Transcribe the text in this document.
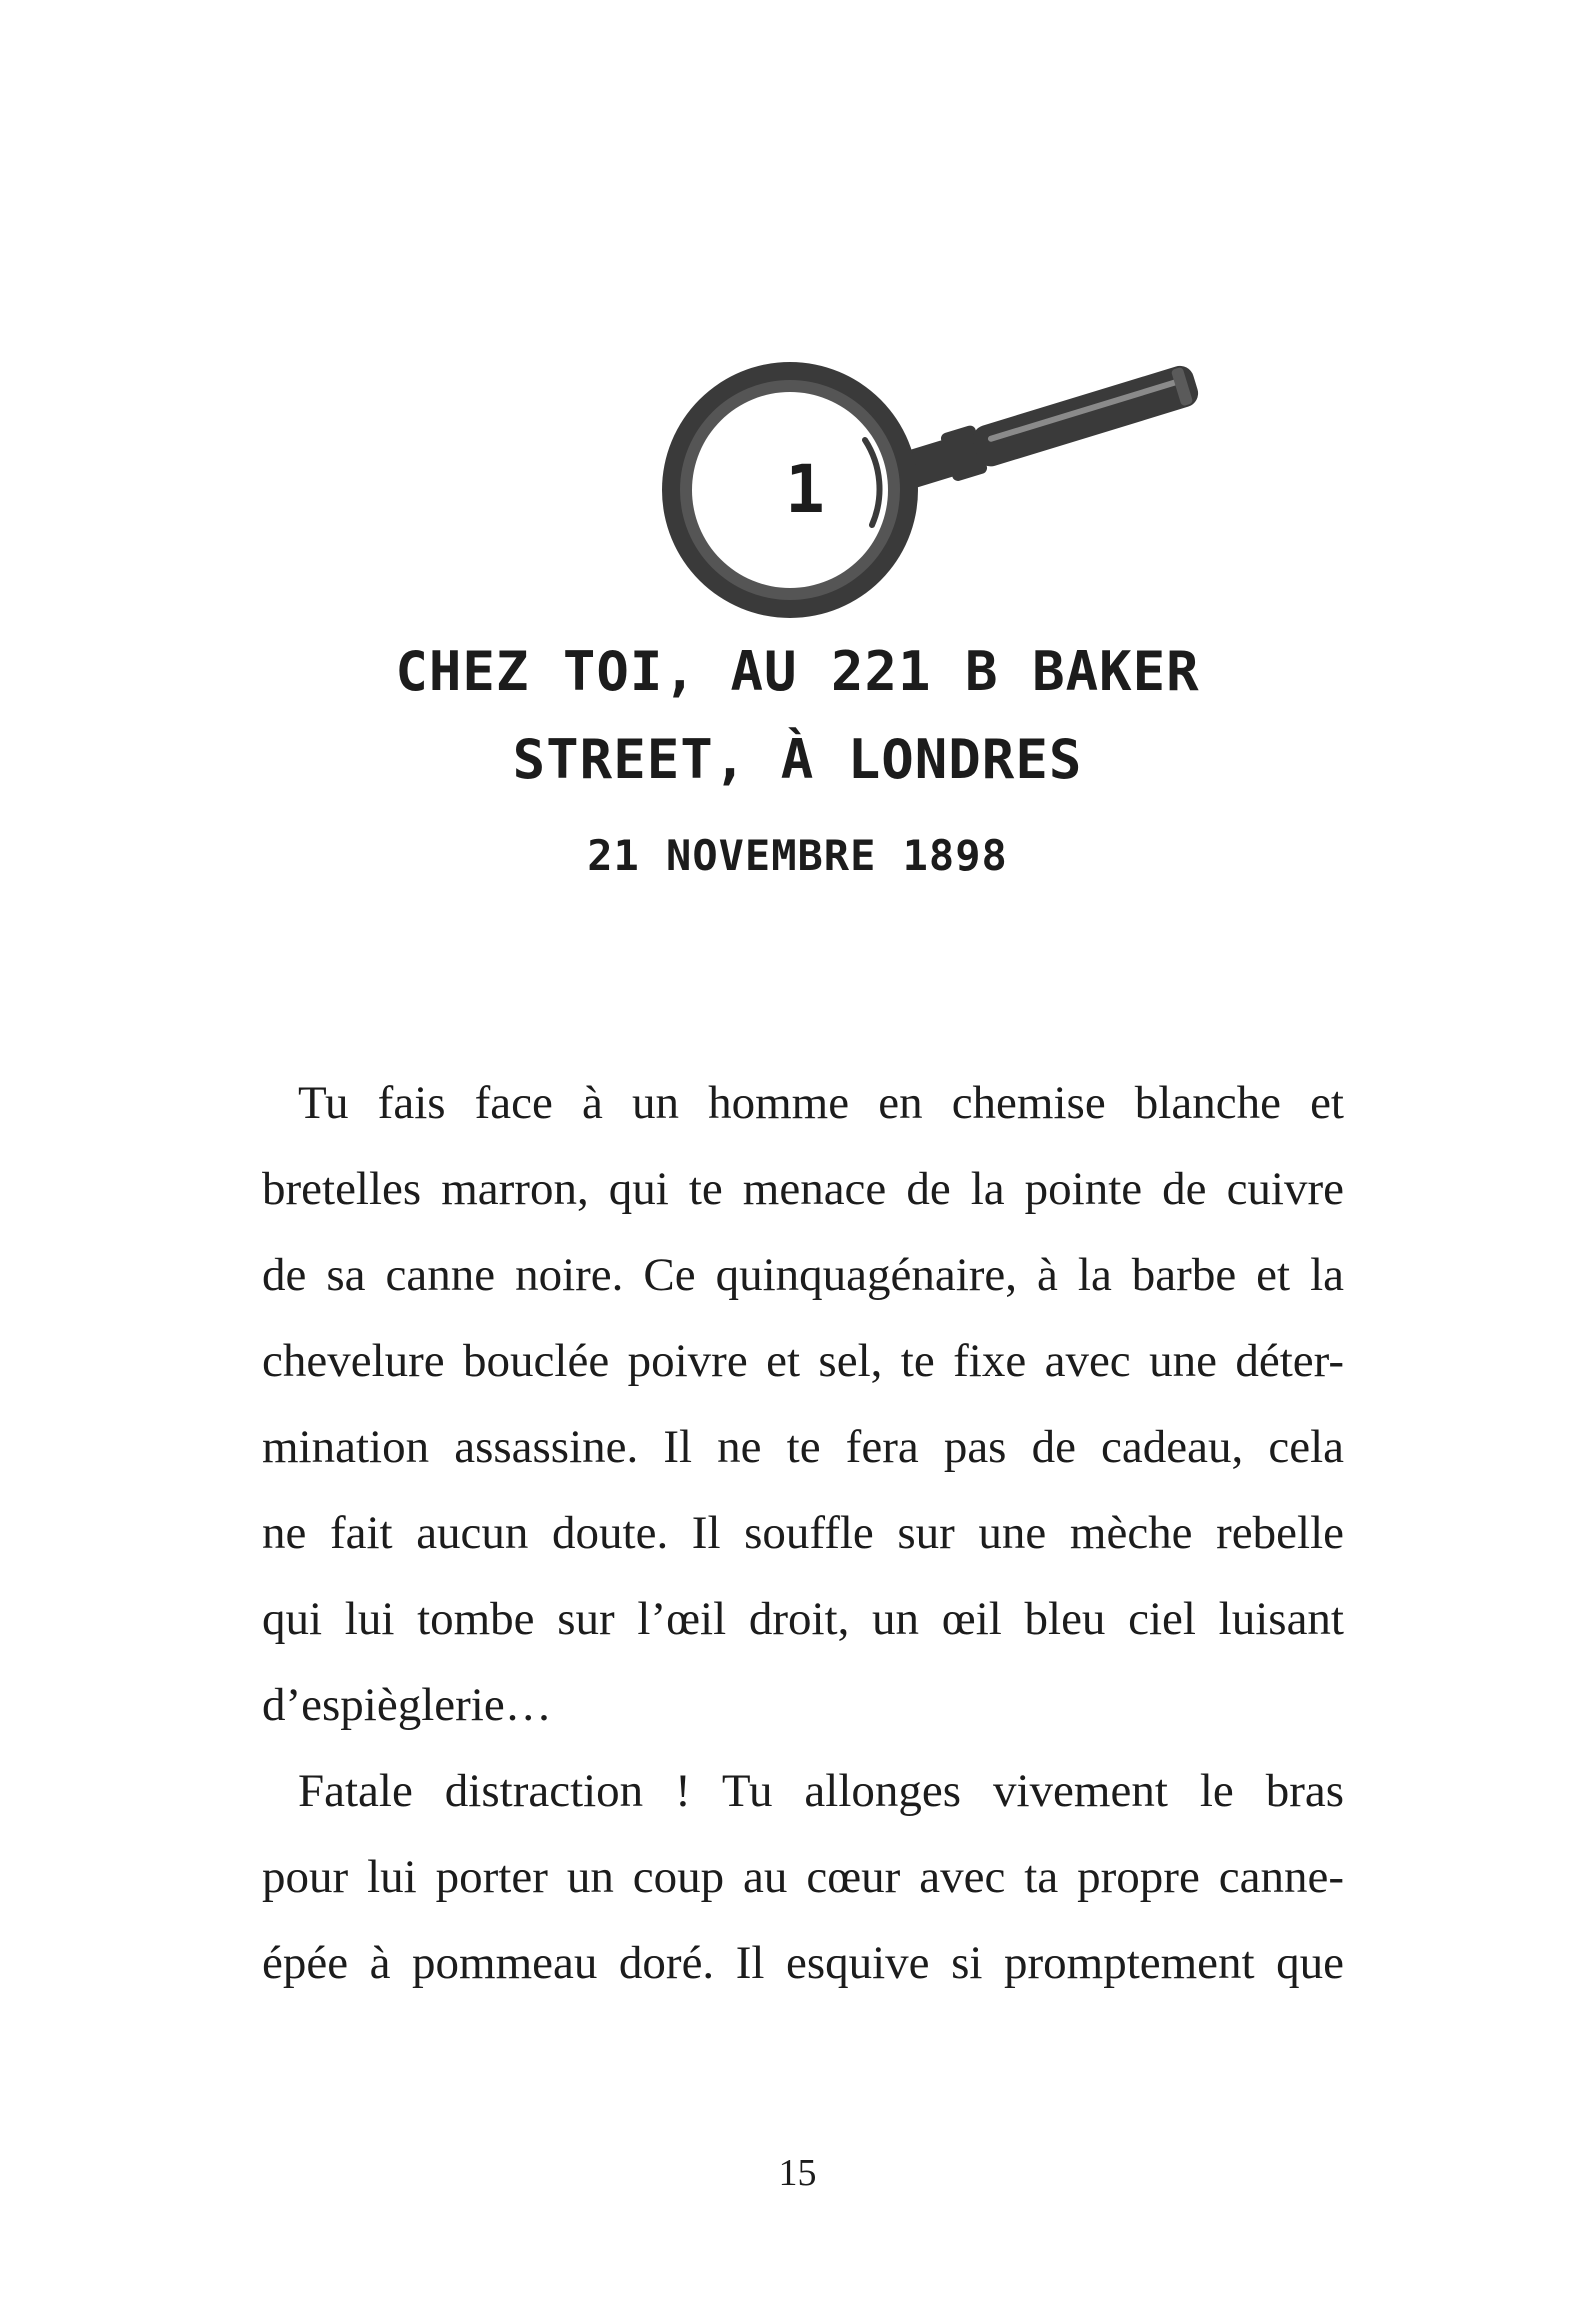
1
CHEZ TOI, AU 221 B BAKER
STREET, À LONDRES
21 NOVEMBRE 1898
Tu fais face à un homme en chemise blanche et
bretelles marron, qui te menace de la pointe de cuivre
de sa canne noire. Ce quinquagénaire, à la barbe et la
chevelure bouclée poivre et sel, te fixe avec une déter-
mination assassine. Il ne te fera pas de cadeau, cela
ne fait aucun doute. Il souffle sur une mèche rebelle
qui lui tombe sur l’œil droit, un œil bleu ciel luisant
d’espièglerie…
Fatale distraction ! Tu allonges vivement le bras
pour lui porter un coup au cœur avec ta propre canne-
épée à pommeau doré. Il esquive si promptement que
15
